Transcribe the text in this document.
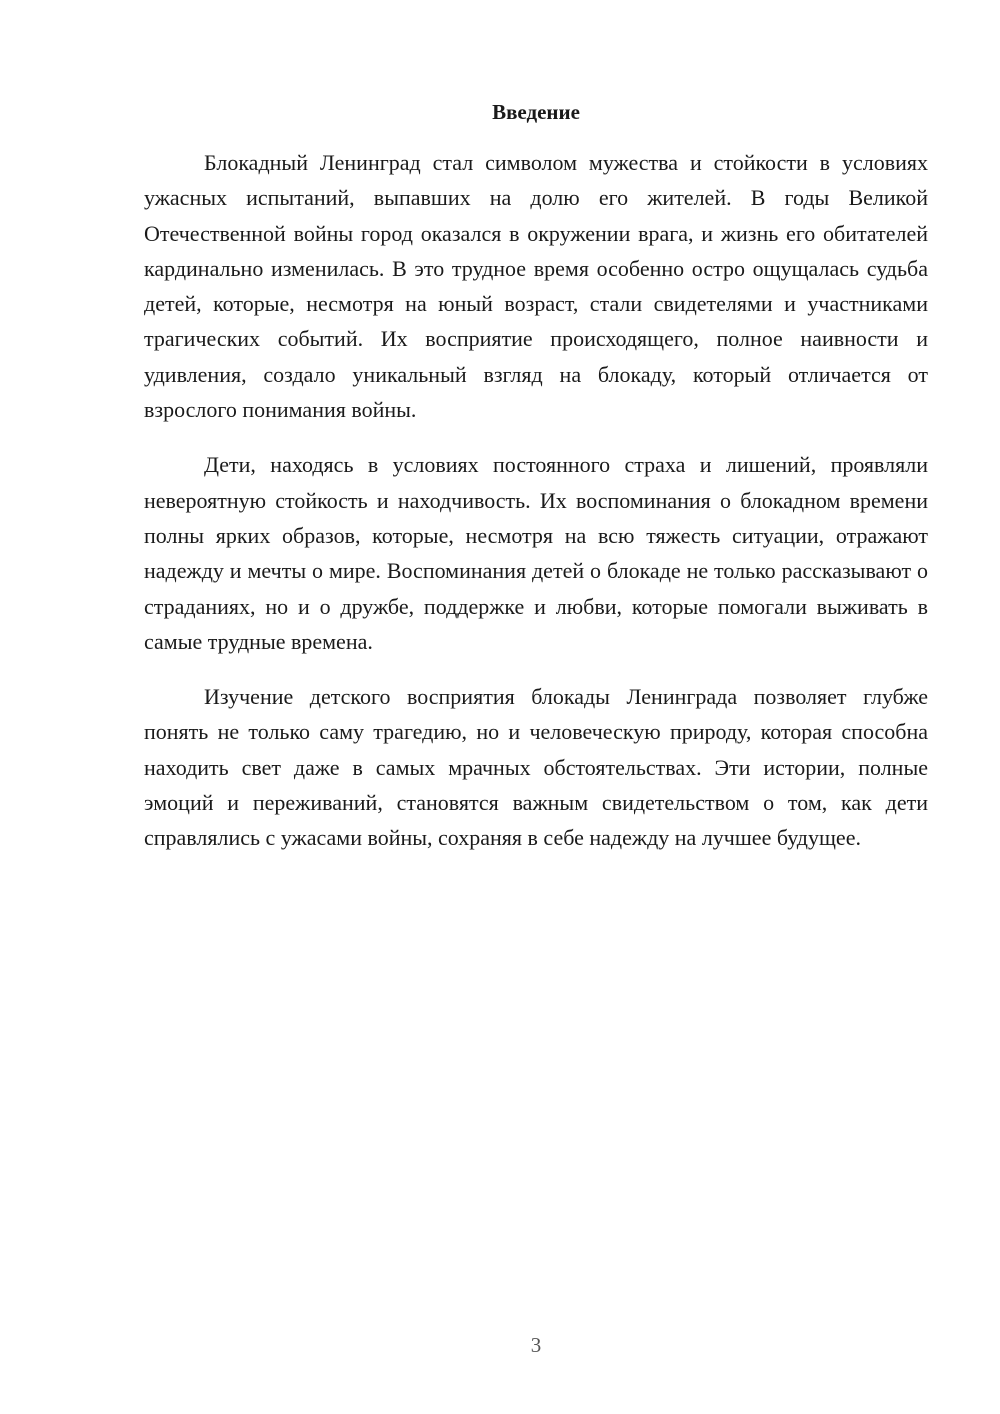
Введение

Блокадный Ленинград стал символом мужества и стойкости в условиях ужасных испытаний, выпавших на долю его жителей. В годы Великой Отечественной войны город оказался в окружении врага, и жизнь его обитателей кардинально изменилась. В это трудное время особенно остро ощущалась судьба детей, которые, несмотря на юный возраст, стали свидетелями и участниками трагических событий. Их восприятие происходящего, полное наивности и удивления, создало уникальный взгляд на блокаду, который отличается от взрослого понимания войны.

Дети, находясь в условиях постоянного страха и лишений, проявляли невероятную стойкость и находчивость. Их воспоминания о блокадном времени полны ярких образов, которые, несмотря на всю тяжесть ситуации, отражают надежду и мечты о мире. Воспоминания детей о блокаде не только рассказывают о страданиях, но и о дружбе, поддержке и любви, которые помогали выживать в самые трудные времена.

Изучение детского восприятия блокады Ленинграда позволяет глубже понять не только саму трагедию, но и человеческую природу, которая способна находить свет даже в самых мрачных обстоятельствах. Эти истории, полные эмоций и переживаний, становятся важным свидетельством о том, как дети справлялись с ужасами войны, сохраняя в себе надежду на лучшее будущее.

3
